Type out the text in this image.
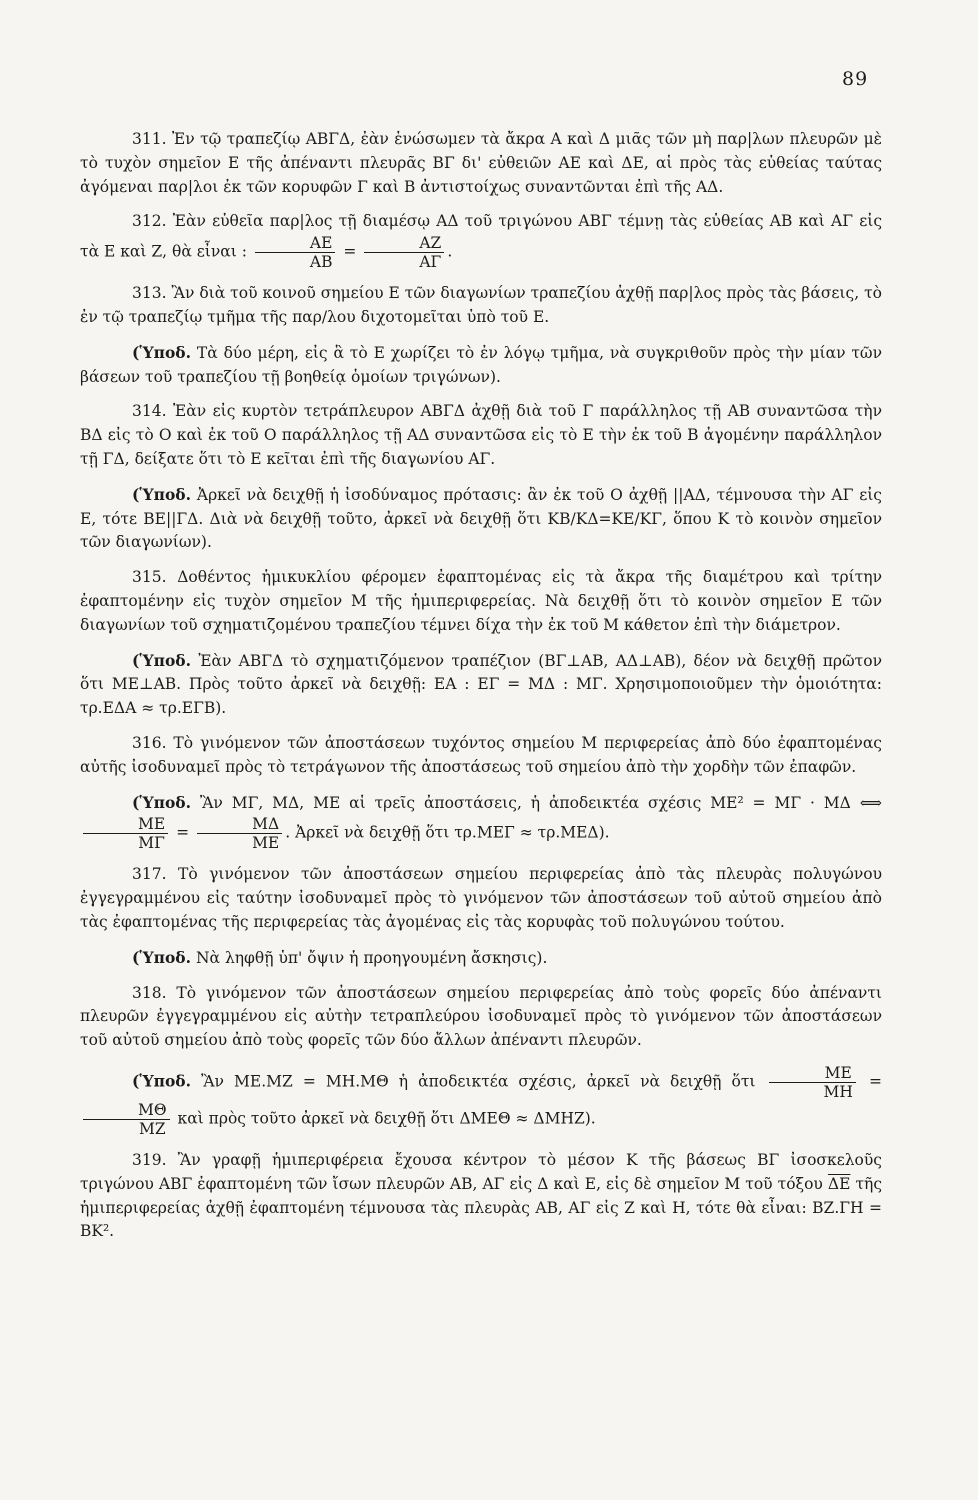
89

311. Ἐν τῷ τραπεζίῳ ΑΒΓΔ, ἐὰν ἑνώσωμεν τὰ ἄκρα Α καὶ Δ μιᾶς τῶν μὴ παρ|λων πλευρῶν μὲ τὸ τυχὸν σημεῖον Ε τῆς ἀπέναντι πλευρᾶς ΒΓ δι' εὐθειῶν ΑΕ καὶ ΔΕ, αἱ πρὸς τὰς εὐθείας ταύτας ἀγόμεναι παρ|λοι ἐκ τῶν κορυφῶν Γ καὶ Β ἀντιστοίχως συναντῶνται ἐπὶ τῆς ΑΔ.

312. Ἐὰν εὐθεῖα παρ|λος τῇ διαμέσῳ ΑΔ τοῦ τριγώνου ΑΒΓ τέμνῃ τὰς εὐθείας ΑΒ καὶ ΑΓ εἰς τὰ Ε καὶ Ζ, θὰ εἶναι : $\frac{AE}{AB} = \frac{AZ}{A\Gamma}$ .

313. Ἂν διὰ τοῦ κοινοῦ σημείου Ε τῶν διαγωνίων τραπεζίου ἀχθῇ παρ|λος πρὸς τὰς βάσεις, τὸ ἐν τῷ τραπεζίῳ τμῆμα τῆς παρ/λου διχοτομεῖται ὑπὸ τοῦ Ε.

(Ὑποδ. Τὰ δύο μέρη, εἰς ἃ τὸ Ε χωρίζει τὸ ἐν λόγῳ τμῆμα, νὰ συγκριθοῦν πρὸς τὴν μίαν τῶν βάσεων τοῦ τραπεζίου τῇ βοηθείᾳ ὁμοίων τριγώνων).

314. Ἐὰν εἰς κυρτὸν τετράπλευρον ΑΒΓΔ ἀχθῇ διὰ τοῦ Γ παράλληλος τῇ ΑΒ συναντῶσα τὴν ΒΔ εἰς τὸ Ο καὶ ἐκ τοῦ Ο παράλληλος τῇ ΑΔ συναντῶσα εἰς τὸ Ε τὴν ἐκ τοῦ Β ἀγομένην παράλληλον τῇ ΓΔ, δείξατε ὅτι τὸ Ε κεῖται ἐπὶ τῆς διαγωνίου ΑΓ.

(Ὑποδ. Ἀρκεῖ νὰ δειχθῇ ἡ ἰσοδύναμος πρότασις: ἂν ἐκ τοῦ Ο ἀχθῇ ||ΑΔ, τέμνουσα τὴν ΑΓ εἰς Ε, τότε ΒΕ||ΓΔ. Διὰ νὰ δειχθῇ τοῦτο, ἀρκεῖ νὰ δειχθῇ ὅτι ΚΒ/ΚΔ=ΚΕ/ΚΓ, ὅπου Κ τὸ κοινὸν σημεῖον τῶν διαγωνίων).

315. Δοθέντος ἡμικυκλίου φέρομεν ἐφαπτομένας εἰς τὰ ἄκρα τῆς διαμέτρου καὶ τρίτην ἐφαπτομένην εἰς τυχὸν σημεῖον Μ τῆς ἡμιπεριφερείας. Νὰ δειχθῇ ὅτι τὸ κοινὸν σημεῖον Ε τῶν διαγωνίων τοῦ σχηματιζομένου τραπεζίου τέμνει δίχα τὴν ἐκ τοῦ Μ κάθετον ἐπὶ τὴν διάμετρον.

(Ὑποδ. Ἐὰν ΑΒΓΔ τὸ σχηματιζόμενον τραπέζιον (ΒΓ⊥ΑΒ, ΑΔ⊥ΑΒ), δέον νὰ δειχθῇ πρῶτον ὅτι ΜΕ⊥ΑΒ. Πρὸς τοῦτο ἀρκεῖ νὰ δειχθῇ: ΕΑ : ΕΓ = ΜΔ : ΜΓ. Χρησιμοποιοῦμεν τὴν ὁμοιότητα: τρ.ΕΔΑ ≈ τρ.ΕΓΒ).

316. Τὸ γινόμενον τῶν ἀποστάσεων τυχόντος σημείου Μ περιφερείας ἀπὸ δύο ἐφαπτομένας αὐτῆς ἰσοδυναμεῖ πρὸς τὸ τετράγωνον τῆς ἀποστάσεως τοῦ σημείου ἀπὸ τὴν χορδὴν τῶν ἐπαφῶν.

(Ὑποδ. Ἂν ΜΓ, ΜΔ, ΜΕ αἱ τρεῖς ἀποστάσεις, ἡ ἀποδεικτέα σχέσις ΜΕ² = ΜΓ · ΜΔ ⟺
$\frac{ME}{M\Gamma} = \frac{M\Delta}{ME}$ . Ἀρκεῖ νὰ δειχθῇ ὅτι τρ.ΜΕΓ ≈ τρ.ΜΕΔ).

317. Τὸ γινόμενον τῶν ἀποστάσεων σημείου περιφερείας ἀπὸ τὰς πλευρὰς πολυγώνου ἐγγεγραμμένου εἰς ταύτην ἰσοδυναμεῖ πρὸς τὸ γινόμενον τῶν ἀποστάσεων τοῦ αὐτοῦ σημείου ἀπὸ τὰς ἐφαπτομένας τῆς περιφερείας τὰς ἀγομένας εἰς τὰς κορυφὰς τοῦ πολυγώνου τούτου.

(Ὑποδ. Νὰ ληφθῇ ὑπ' ὄψιν ἡ προηγουμένη ἄσκησις).

318. Τὸ γινόμενον τῶν ἀποστάσεων σημείου περιφερείας ἀπὸ τοὺς φορεῖς δύο ἀπέναντι πλευρῶν ἐγγεγραμμένου εἰς αὐτὴν τετραπλεύρου ἰσοδυναμεῖ πρὸς τὸ γινόμενον τῶν ἀποστάσεων τοῦ αὐτοῦ σημείου ἀπὸ τοὺς φορεῖς τῶν δύο ἄλλων ἀπέναντι πλευρῶν.

(Ὑποδ. Ἂν ΜΕ.ΜΖ = ΜΗ.ΜΘ ἡ ἀποδεικτέα σχέσις, ἀρκεῖ νὰ δειχθῇ ὅτι $\frac{ME}{MH}$ =
$\frac{M\Theta}{MZ}$ καὶ πρὸς τοῦτο ἀρκεῖ νὰ δειχθῇ ὅτι ΔΜΕΘ ≈ ΔΜΗΖ).

319. Ἂν γραφῇ ἡμιπεριφέρεια ἔχουσα κέντρον τὸ μέσον Κ τῆς βάσεως ΒΓ ἰσοσκελοῦς τριγώνου ΑΒΓ ἐφαπτομένη τῶν ἴσων πλευρῶν ΑΒ, ΑΓ εἰς Δ καὶ Ε, εἰς δὲ σημεῖον Μ τοῦ τόξου $\overline{\Delta E}$ τῆς ἡμιπεριφερείας ἀχθῇ ἐφαπτομένη τέμνουσα τὰς πλευρὰς ΑΒ, ΑΓ εἰς Ζ καὶ Η, τότε θὰ εἶναι: ΒΖ.ΓΗ = ΒΚ².
